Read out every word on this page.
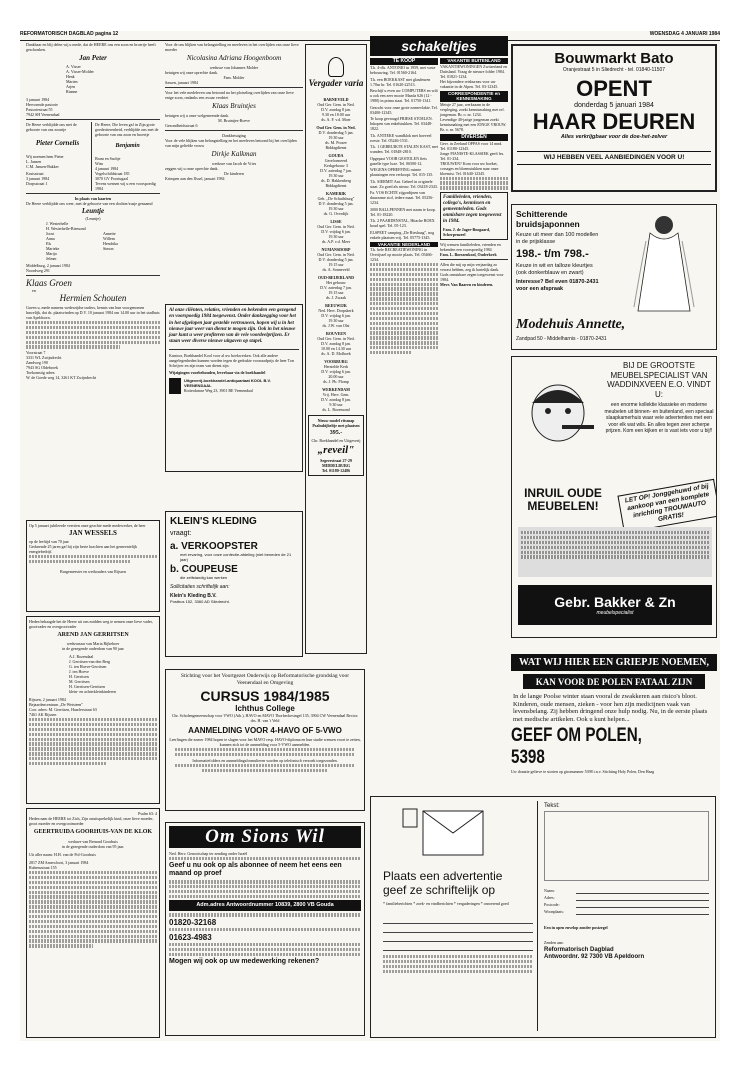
REFORMATORISCH DAGBLAD pagina 12	WOENSDAG 4 JANUARI 1984

Dankbaar en blij delen wij u mede, dat de HEERE ons een zoon en broertje heeft geschonken.

Jan Peter

A. Visser

A. Visser-Molder

Henk

Marten

Arjen

Rianne

3 januari 1984

Hervormde pastorie

Pastoriestraat 55

7942 SH Veenendaal

De Heere verblijdde ons met de geboorte van ons zoontje

Pieter Cornelis

Wij noemen hem Pieter

L. Jansen

C.M. Jansen-Bakker

Kruisstraat

3 januari 1984

Dorpsstraat 1

De Heere, Die leven gaf in Zijn grote goedertierenheid, verblijdde ons met de geboorte van ons zoon en broertje

Benjamin

Bram en Sachje

Wim

4 januari 1984

Vogelschildstraat 185

3070 GV Poortugaal

Tevens wensen wij u een voorspoedig 1984

In plaats van kaarten

De Heere verblijdde ons weer, met de geboorte van een dochter/zusje genaamd

Leuntje

(Leuntje)

J. Westerhelle

H. Westerhelle-Biemond

Joost	Annette

Anna	Willem

Els	Hendrika

Marieke	Simon

Marija

Jelmer

Middelburg, 2 januari 1984

Noordweg 291

Klaas Groen

en

Hermien Schouten

Gaven u, mede namens wederzijdse ouders, kennis van hun voorgenomen huwelijk, dat ds. plaatsvinden op D.V. 10 januari 1984 om 14.00 uur in het stadhuis van Apeldoorn.

Voorstraat 7

3331 WL Zwijndrecht

Zandweg 190

7943 SG Oldebroek

Toekomstig adres:

W. de Goede weg 14, 3261 KT Zwijndrecht

Op 5 januari jubileerde veertien onze geachte mede medewerker, de heer

JAN WESSELS

op de leeftijd van 70 jaar

Gedurende 25 jaren gaf hij zijn beste krachten aan het gemeentelijk energiebedrijf.

Burgemeester en wethouders van Rijssen

Heden behaagde het de Heere uit ons midden weg te nemen onze lieve vader, grootvader en overgrootvader

AREND JAN GERRITSEN

weduwnaar van Maria Rijkeboer

in de gezegende ouderdom van 90 jaar

A.J. Rozendaal

J. Gerritsen-van den Berg

G. ten Hoeve-Gerritsen

J. ten Hoeve

H. Gerritsen

M. Gerritsen

H. Gerritsen-Gerritsen

klein- en achterkleinkinderen

Rijssen, 2 januari 1984

Bejaardencentrum „De Wetsteen"

Corr. adres: M. Gerritsen, Haarlerstraat 63

7461 AK Rijssen

Psalm 63: 4

Heden nam de HEERE tot Zich, Zijn onuitsprekelijk kind, onze lieve moeder, groot moeder en overgrootmoeder

GEERTRUIDA GOORHUIS-VAN DE KLOK

weduwe van Bernard Goorhuis

in de gezegende ouderdom van 95 jaar.

Uit aller naam: H.H. van de Pol-Goorhuis

2817 ZM Amersfoort, 3 januari 1984

Rubensstraat 155

Voor de ons blijken van belangstelling en meeleven in het overlijden van onze lieve moeder

Nicolasina Adriana Hoogenboom

weduwe van Johannes Molder

betuigen wij onze oprechte dank.

Fam. Molder

Sassen, januari 1984

Voor het vele medeleven ons betoond na het plotseling overlijden van onze lieve enige zoon, ondanks een zwaar verdriet

Klaas Bruintjes

betuigen wij u onze welgemeende dank.

M. Bruintjes-Boeve

Gezondheidsstraat 6

Dankbetuiging

Voor de vele blijken van belangstelling en het meeleven betoond bij het overlijden van mijn geliefde vrouw

Dirkje Kalkman

weduwe van Jacob de Vries

zeggen wij u onze oprechte dank.

De kinderen

Krimpen aan den IJssel, januari 1984

Al onze cliënten, relaties, vrienden en bekenden een gezegend en voorspoedig 1984 toegewenst. Onder dankzegging voor het in het afgelopen jaar gestelde vertrouwen, hopen wij u in het nieuwe jaar weer van dienst te mogen zijn. Ook in het nieuwe jaar kunt u weer profiteren van de vele voordeelprijzen. Er staan weer diverse nieuwe uitgaven op stapel.

Kantoor, Boekhandel Kool voor al uw boekwerken. Ook alle andere aangelegenheden kunnen worden tegen de gedrukte voorraadprijs de heer Ton Schrijver en zijn team van dienst zijn.

Wijzigingen voorbehouden, leverbaar via de boekhandel

Uitgeverij-boekhandel-antiquariaat KOOL B.V. VEENENDAAL

Rotterdamse Weg 23, 3901 BE Veenendaal

KLEIN'S KLEDING

vraagt:

a. VERKOOPSTER

met ervaring, voor onze confectie-afdeling (niet beneden de 21 jaar)

b. COUPEUSE

die zelfstandig kan werken

Sollicitaties schriftelijk aan:

Klein's Kleding B.V.

Postbus 152, 3360 AD Sliedrecht.

Stichting voor het Voortgezet Onderwijs op Reformatorische grondslag voor Veenendaal en Omgeving

CURSUS 1984/1985

Ichthus College

Chr. Scholengemeenschap voor VWO (Ath.), HAVO en MAVO Thorbeckesingel 135, 3904 CW Veenendaal Rector: drs. H. van 't Veld

AANMELDING VOOR 4-HAVO OF 5-VWO

Leerlingen die zomer 1984 hopen te slagen voor het MAVO resp. HAVO-diploma en hun studie wensen voort te zetten, kunnen zich tot de aanmelding voor 5-VWO aanmelden.

Informatiefolders en aanmeldingsformulieren worden op telefonisch verzoek toegezonden.

Om Sions Wil

Ned. Herv. Genootschap ter zending onder Israël

Geef u nu ook op als abonnee of neem het eens een maand op proef

Adm.adres Antwoordnummer 10839, 2800 VB Gouda

01820-32168

01623-4983

Mogen wij ook op uw medewerking rekenen?

Vergader varia

BARNEVELD

Oud Ger. Gem. in Ned.

D.V. zondag 8 jan.

9.30 en 18.00 uur

ds. A. F. v.d. Moer

Oud Ger. Gem. in Ned.

D.V. donderdag 5 jan.

19.30 uur

ds. M. Prosee

Biddagdienst

GOUDA

Gereformeerd

Kerkgebouw 3

D.V. zaterdag 7 jan.

19.30 uur

ds. D. Hakkenberg

Biddagdienst

KAMERIK

Geb. „De Schuilsburg"

D.V. donderdag 5 jan.

19.30 uur

ds. G. Overdijk

LISSE

Oud Ger. Gem. in Ned.

D.V. vrijdag 6 jan.

19.30 uur

ds. A.P. v.d. Meer

NUMANSDORP

Oud Ger. Gem. in Ned.

D.V. donderdag 5 jan.

19.15 uur

ds. A. Sonneveld

OUD-BEIJERLAND

Het gebouw

D.V. zaterdag 7 jan.

19.15 uur

ds. J. Zwaak

REEUWIJK

Ned. Herv. Dorpskerk

D.V. vrijdag 6 jan.

19.30 uur

ds. J.W. van Olst

ROUVEEN

Oud Ger. Gem. in Ned.

D.V. zondag 8 jan.

10.00 en 14.30 uur

ds. A. D. Molhoek

VOORBURG

Herstelde Kerk

D.V. vrijdag 6 jan.

20.00 uur

ds. J. Pb. Plomp

WERKENDAM

Vrij. Herv. Gem.

D.V. zondag 8 jan.

9.30 uur

ds. L. Rozemond

Nieuw model ritsmap Psalmbijbeltje met plaatsen

395.-

Chr. Boekhandel en Uitgeverij

„reveil"

Segeerstraat 27-29 MIDDELBURG

Tel. 01180-12486

schakeltjes
TE KOOP

T.k. 4-dls. ANTONIO in 1959, met vaste bebouwing. Tel. 01560-2164.

T.k. een BOEKKAST met glasdeuren 1.70m br. Tel. 01620-22513.

Beschijf u even uw COMPUTERS en wilt u ook een zeer mooie Mazda 626 (12 - 1980) in prima staat. Tel. 01750-1341.

Gezocht voor onze grote zonnevlakte. Tel. 03400-12345.

Te koop gevraagd FRIESE STOELEN. Inkopen van enkelstukken. Tel. 03448-1822.

T.k. ANTIEKE wandklok met hoeveel roeste. Tel. 05246-1531.

T.k. 1 GEBRUIKTE STALEN KAST, met wanden. Tel. 01848-2810.

Opgepast VOOR GESTOLEN fiets gazelle type luxe. Tel. 06500-12.

WEGENS OPHEFFING ruimte plaatsingen een verkoopt. Tel. 015-135.

T.k. SIERMIT Ant. Geheel in originele staat. Zo goed als nieuw. Tel. 03418-2343.

Fa. VOS ECHTE zijgordijnen van duurzame stof, iedere maat. Tel. 05256-1234.

3000 BALLPENNEN met naam te koop. Tel. 01-18220.

T.k. 2 PAARDENSTAL, Hitache BOEX houd spel. Tel. 05-123.

ELSPEET camping „De Rieshaag", nog enkele plaatsen vrij. Tel. 05775-1345.

VAKANTIE NEDERLAND

T.k. hele RECREATIEWONING in Overijssel op mooie plaats. Tel. 05466-1234.

VAKANTIE BUITENLAND

VAKANTIEWONINGEN Zwitserland en Duitsland. Vraag de nieuwe folder 1984. Tel. 01821-1234.

Het bijzondere reisbureau voor uw vakantie in de Alpen. Tel. 03-12345.

CORRESPONDENTIE en KENNISMAKING

Meisje 27 jaar, werkzaam in de verpleging, zoekt kennismaking met ref. jongeman. Br. o. nr. 1234.

Levendige 40-jarige jongeman zoekt kennismaking met een JONGE VROUW. Br. o. nr. 5678.

DIVERSEN

Gevr. in Zeeland OPPAS voor 14 mnd. Tel. 01180-12345.

Jonge PIANISTE-KLASSIEK geeft les. Tel. 01-234.

TROUWEN? Kom voor uw boeket, corsages en bloemstukken naar onze bloemist. Tel. 01640-12345.

Familieleden, vrienden, collega's, kennissen en gemeenteleden. Gods onmisbare zegen toegewenst in 1984.

Fam. J. de Jager-Boogaard, Scherpenzeel

Wij wensen familieleden, vrienden en bekenden een voorspoedig 1984

Fam. L. Boeszenkool, Ouderkerk

Allen die mij op mijn verjaardag zo verrast hebben, zeg ik hartelijk dank. Gods onmisbare zegen toegewenst voor 1984.

Mevr. Van Baaren en kinderen.

Bouwmarkt Bato

Oranjestraat 5 in Sliedrecht - tel. 01840-11507

OPENT

donderdag 5 januari 1984

HAAR DEUREN

Alles verkrijgbaar voor de doe-het-zelver

WIJ HEBBEN VEEL AANBIEDINGEN VOOR U!

Schitterende bruidsjaponnen

Keuze uit meer dan 100 modellen in de prijsklasse

198.- t/m 798.-

Keuze in wit en talloze kleurtjes (ook donkerblauw en zwart)

Interesse? Bel even 01870-2431 voor een afspraak

Modehuis Annette,

Zandpad 50 - Middelharnis - 01870-2431

BIJ DE GROOTSTE MEUBELSPECIALIST VAN WADDINXVEEN E.O. VINDT U:

een enorme kollektie klassieke en moderne meubelen uit binnen- en buitenland, een speciaal slaapkamerhuis waar vele advertenties met een voor elk wat wils. En alles tegen zeer scherpe prijzen. Kom een kijken er is vast iets voor u bij!!

INRUIL OUDE MEUBELEN!

LET OP! Jonggehuwd of bij aankoop van een komplete inrichting TROUWAUTO GRATIS!

Gebr. Bakker & Zn
meubelspecialist
WAT WIJ HIER EEN GRIEPJE NOEMEN,
KAN VOOR DE POLEN FATAAL ZIJN

In de lange Poolse winter staan vooral de zwakkeren aan risico's bloot. Kinderen, oude mensen, zieken - voor hen zijn medicijnen vaak van levensbelang. Zij hebben dringend onze hulp nodig. Nu, in de eerste plaats met medische artikelen. Ook u kunt helpen...

GEEF OM POLEN, 5398

Uw donatie gelieve te storten op gironummer 5398 t.n.v. Stichting Holy Polen, Den Haag

Plaats een advertentie

geef ze schriftelijk op

* familieberichten * zoek- en vindberichten * vergaderingen * onroerend goed

Tekst:

Naam:
Adres:
Postcode:
Woonplaats:

Een in open envelop zonder postzegel

Zenden aan:

Reformatorisch Dagblad

Antwoordnr. 92 7300 VB Apeldoorn
